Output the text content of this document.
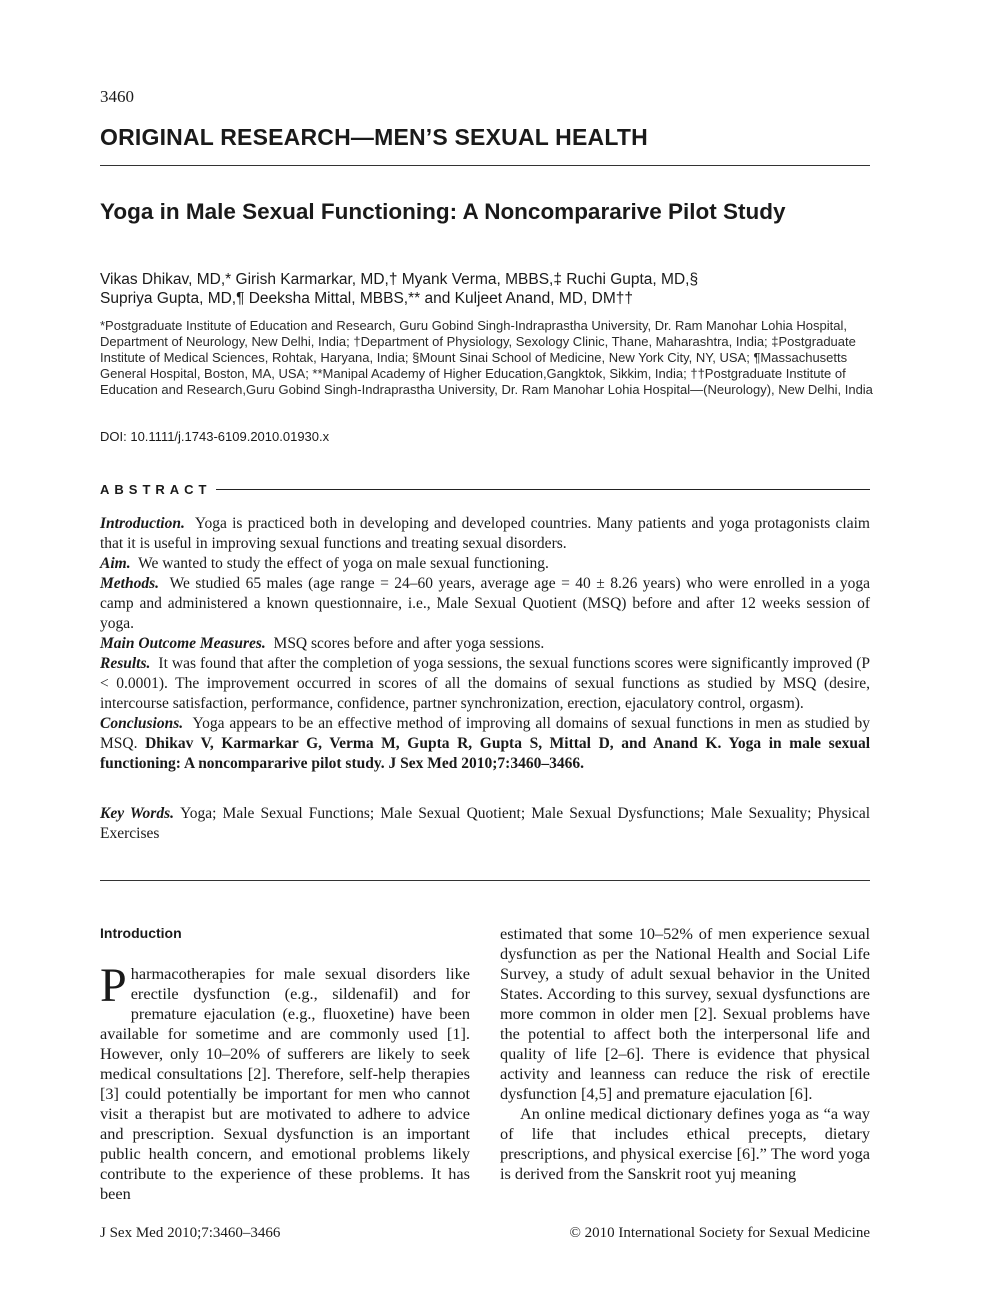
3460
ORIGINAL RESEARCH—MEN’S SEXUAL HEALTH
Yoga in Male Sexual Functioning: A Noncompararive Pilot Study
Vikas Dhikav, MD,* Girish Karmarkar, MD,† Myank Verma, MBBS,‡ Ruchi Gupta, MD,§
Supriya Gupta, MD,¶ Deeksha Mittal, MBBS,** and Kuljeet Anand, MD, DM††
*Postgraduate Institute of Education and Research, Guru Gobind Singh-Indraprastha University, Dr. Ram Manohar Lohia Hospital, Department of Neurology, New Delhi, India; †Department of Physiology, Sexology Clinic, Thane, Maharashtra, India; ‡Postgraduate Institute of Medical Sciences, Rohtak, Haryana, India; §Mount Sinai School of Medicine, New York City, NY, USA; ¶Massachusetts General Hospital, Boston, MA, USA; **Manipal Academy of Higher Education,Gangktok, Sikkim, India; ††Postgraduate Institute of Education and Research,Guru Gobind Singh-Indraprastha University, Dr. Ram Manohar Lohia Hospital—(Neurology), New Delhi, India
DOI: 10.1111/j.1743-6109.2010.01930.x
ABSTRACT

Introduction. Yoga is practiced both in developing and developed countries. Many patients and yoga protagonists claim that it is useful in improving sexual functions and treating sexual disorders.

Aim. We wanted to study the effect of yoga on male sexual functioning.

Methods. We studied 65 males (age range = 24–60 years, average age = 40 ± 8.26 years) who were enrolled in a yoga camp and administered a known questionnaire, i.e., Male Sexual Quotient (MSQ) before and after 12 weeks session of yoga.

Main Outcome Measures. MSQ scores before and after yoga sessions.

Results. It was found that after the completion of yoga sessions, the sexual functions scores were significantly improved (P < 0.0001). The improvement occurred in scores of all the domains of sexual functions as studied by MSQ (desire, intercourse satisfaction, performance, confidence, partner synchronization, erection, ejaculatory control, orgasm).

Conclusions. Yoga appears to be an effective method of improving all domains of sexual functions in men as studied by MSQ. Dhikav V, Karmarkar G, Verma M, Gupta R, Gupta S, Mittal D, and Anand K. Yoga in male sexual functioning: A noncompararive pilot study. J Sex Med 2010;7:3460–3466.

Key Words. Yoga; Male Sexual Functions; Male Sexual Quotient; Male Sexual Dysfunctions; Male Sexuality; Physical Exercises
Introduction

Pharmacotherapies for male sexual disorders like erectile dysfunction (e.g., sildenafil) and for premature ejaculation (e.g., fluoxetine) have been available for sometime and are commonly used [1]. However, only 10–20% of sufferers are likely to seek medical consultations [2]. Therefore, self-help therapies [3] could potentially be important for men who cannot visit a therapist but are motivated to adhere to advice and prescription. Sexual dysfunction is an important public health concern, and emotional problems likely contribute to the experience of these problems. It has been

estimated that some 10–52% of men experience sexual dysfunction as per the National Health and Social Life Survey, a study of adult sexual behavior in the United States. According to this survey, sexual dysfunctions are more common in older men [2]. Sexual problems have the potential to affect both the interpersonal life and quality of life [2–6]. There is evidence that physical activity and leanness can reduce the risk of erectile dysfunction [4,5] and premature ejaculation [6].

An online medical dictionary defines yoga as “a way of life that includes ethical precepts, dietary prescriptions, and physical exercise [6].” The word yoga is derived from the Sanskrit root yuj meaning

J Sex Med 2010;7:3460–3466	© 2010 International Society for Sexual Medicine
